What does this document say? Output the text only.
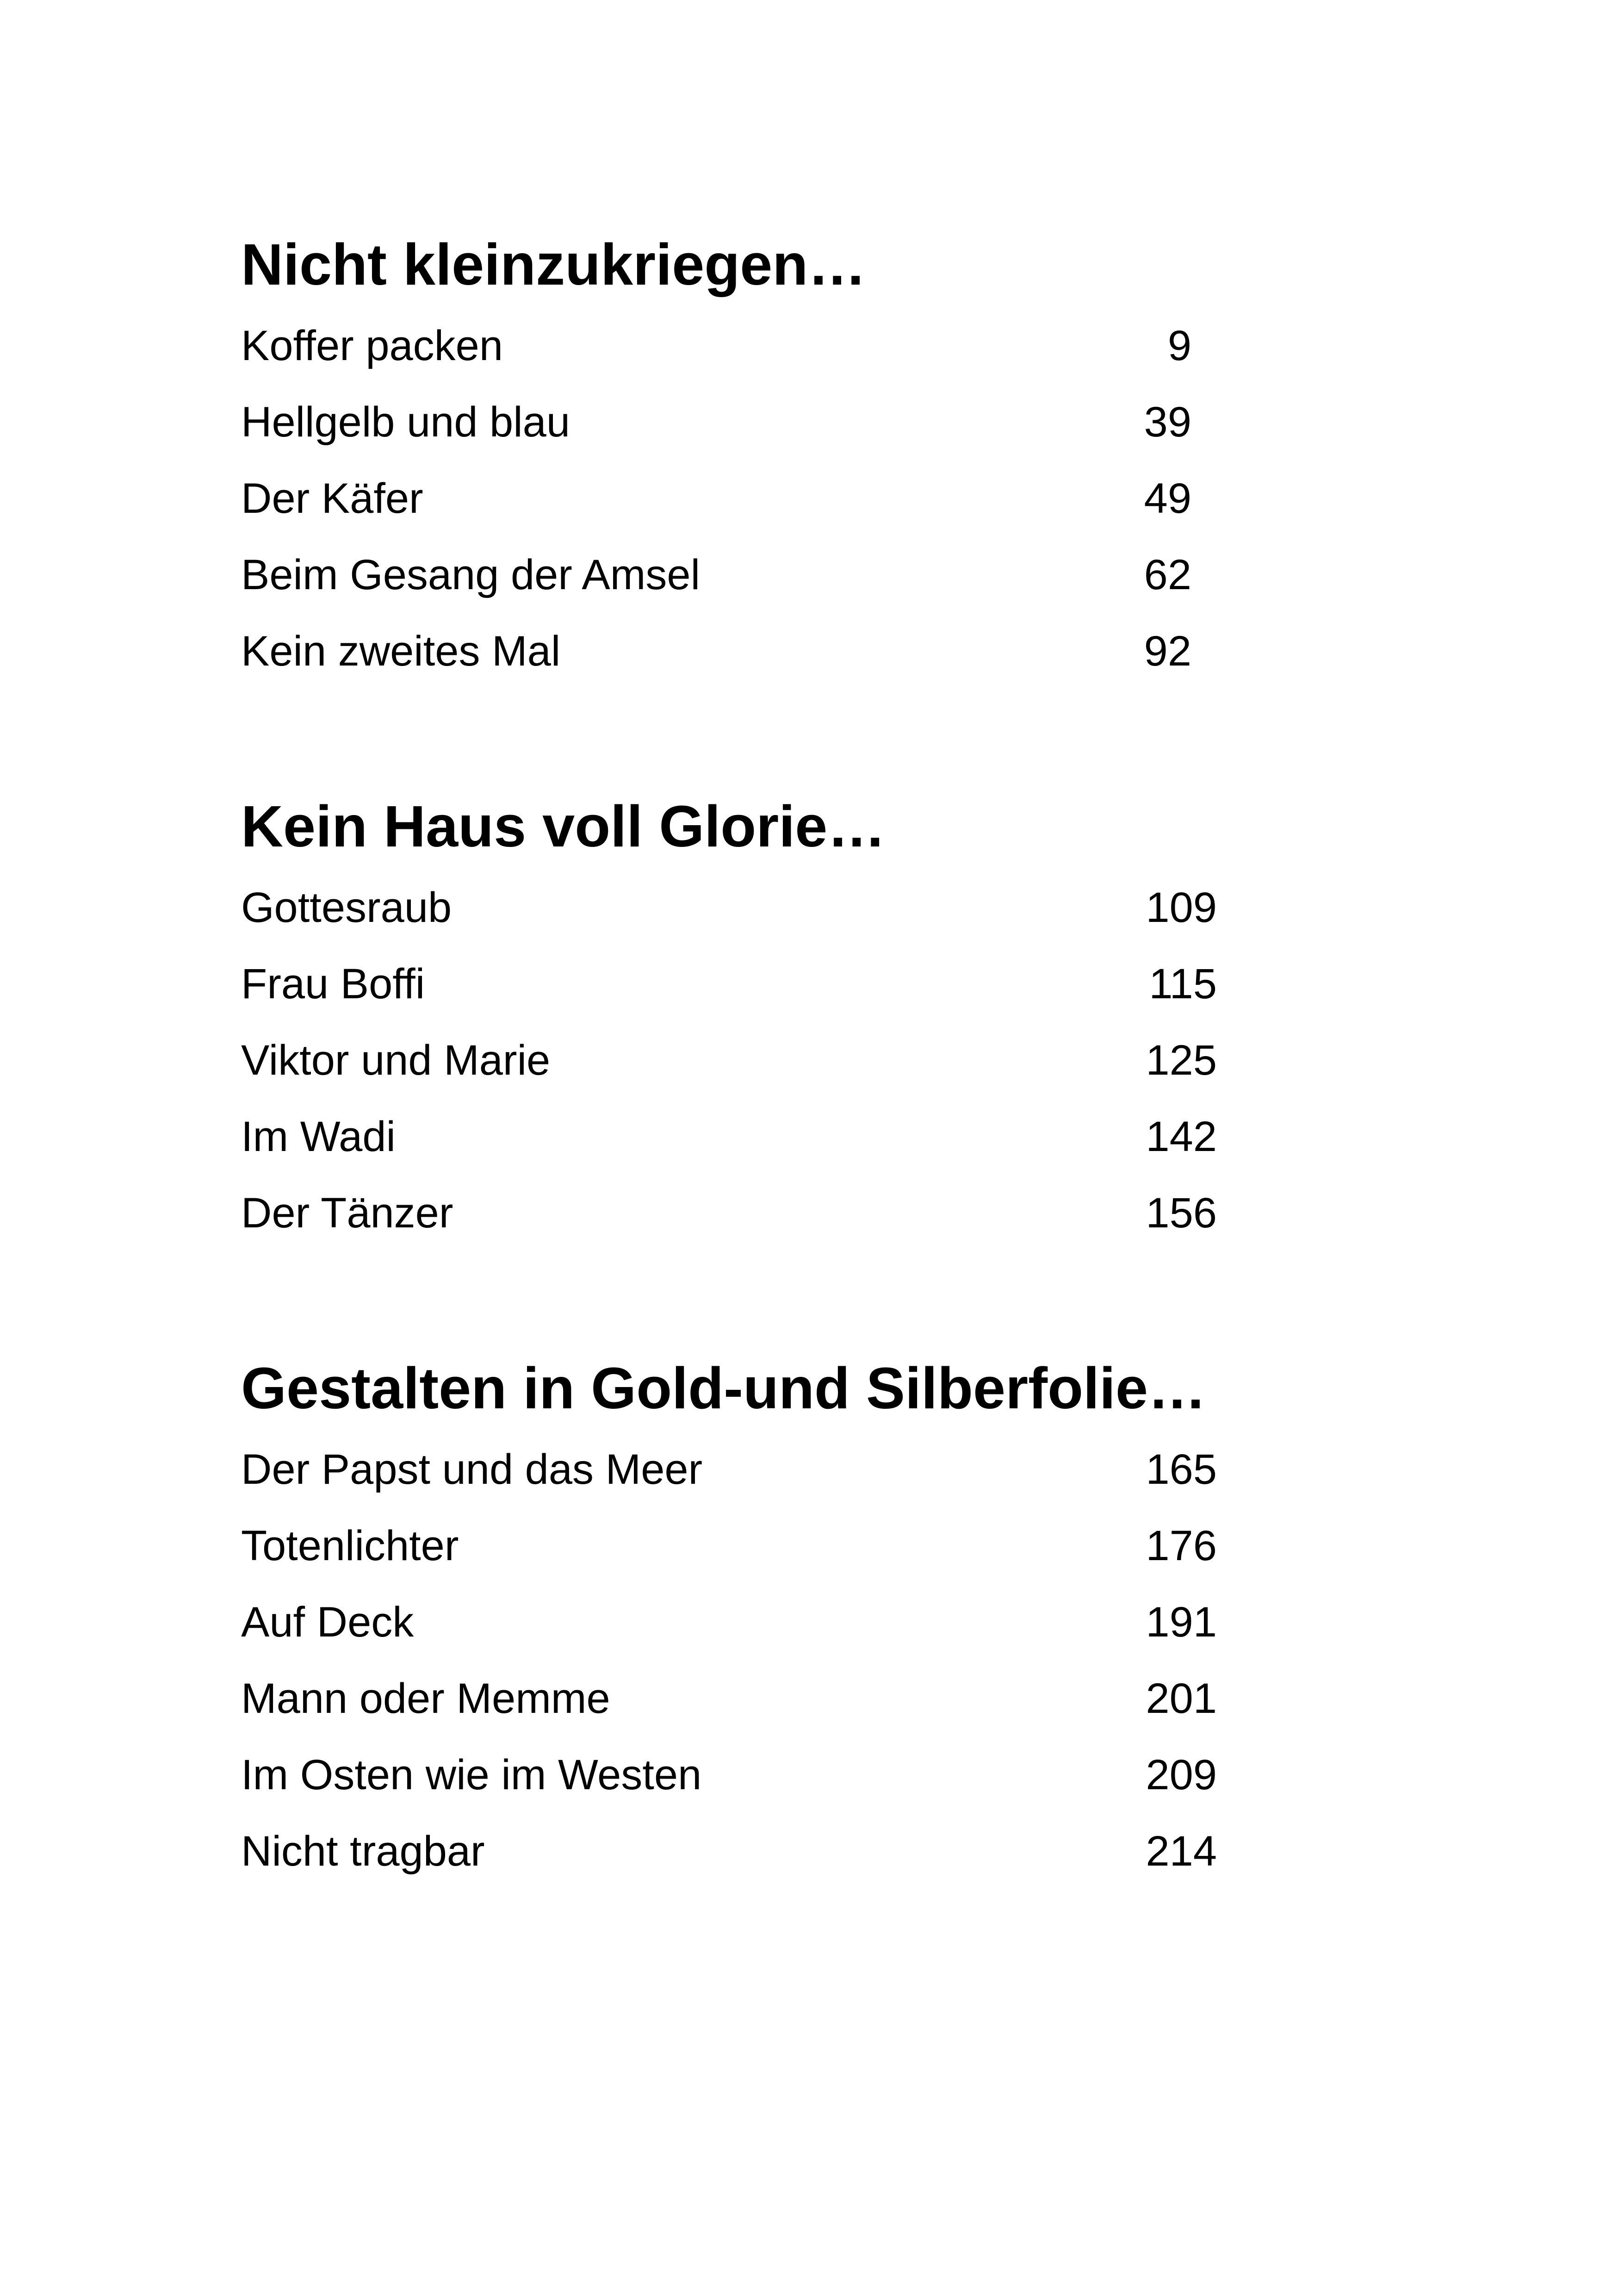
Nicht kleinzukriegen…
Koffer packen	9
Hellgelb und blau	39
Der Käfer	49
Beim Gesang der Amsel	62
Kein zweites Mal	92
Kein Haus voll Glorie…
Gottesraub	109
Frau Boffi	115
Viktor und Marie	125
Im Wadi	142
Der Tänzer	156
Gestalten in Gold-und Silberfolie…
Der Papst und das Meer	165
Totenlichter	176
Auf Deck	191
Mann oder Memme	201
Im Osten wie im Westen	209
Nicht tragbar	214
